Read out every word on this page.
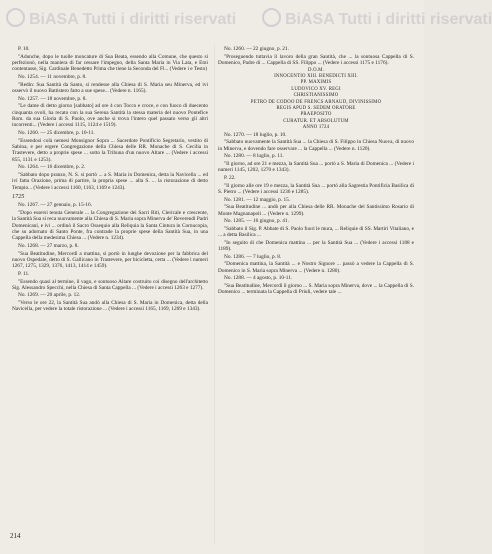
BiASA Tutti i diritti riservati	BiASA Tutti i diritti riservati

P. 10.

"Adunche, dopo le tuolle moncature di Sua Beata, essendo alla Comune, che questo si perfezionò, nella maniera di far cessare l'impegno, della Santa Maria in Via Lata, e Emi contentasse, Sig. Cardinale Benedetto Prima che tiene la Seconda del Fl... (Vedere i e Testo)

No. 1254. — 11 novembre, p. 8.

"Redin: Sua Santità da Santo, si rendesse alla Chiesa di S. Maria seu Minerva, ed ivi osservò il nuovo Battistero fatto a sue spese... (Vedere n. 1165).

No. 1257. — 18 novembre, p. 8.

"Le dame di detto giorno [sabbato] ad ore 4 con Tocco e croce, e con fuoco di duecento cinquanta ovoli, ha recato con la sua Serena Santità la stessa materia del nuovo Pontefice Rom. da sua Gloria di S. Paolo, ove anche si trova l'intero quel passato verso gli altri incorrenti... (Vedere i accessi 1115, 1124 e 1519).

No. 1260. — 25 dicembre, p. 10-11.

"Essendosi colà nemesi Monsignor Sopra ... Sacerdote Pontificio Segretario, vestito di Sabina, e per ergere Congregazione della Chiesa delle RR. Monache di S. Cecilia in Trastevere, detto a proprie spese ... sotto la Tribuna d'un nuovo Altare ... (Vedere i accessi 855, 1131 e 1253).

No. 1264. — 16 dicembre, p. 2.

"Sabbato dopo pranzo, N. S. si portò ... a S. Maria in Domenica, detta la Navicella ... ed ivi fatta Orazione, prima di partire, la propria spese ... alla S. ... la ristorazione di detto Tempio... (Vedere i accessi 1160, 1163, 1169 e 1243).

1725

No. 1267. — 27 gennaio, p. 15-16.

"Dopo essersi tenuta Generale ... la Congregazione dei Sacri Riti, Clericale e crescente, la Santità Sua si reca nuovamente alla Chiesa di S. Maria sopra Minerva de' Reverendi Padri Domenicani, e ivi ... ordinò il Sacro Ossequio alla Reliquia la Santa Cintura in Cornucopia, che su adornato di Santo Ponte, fra contrade la proprie spese della Santità Sua, in una Cappella della medesima Chiesa ... (Vedere n. 1234).

No. 1268. — 27 marzo, p. 8.

"Sua Beatitudine, Mercordì a mattina, si portò in lunghe devozione per la fabbrica del nuovo Ospedale, detto di S. Gallicano in Trastevere, per bicicletta, certa ... (Vedere i numeri 1267, 1275, 1329, 1376, 1413, 1414 e 1459).

P. 11.

"Essendo quasi al termine, il vago, e sontuoso Altare costruito coi disegno dell'architetto Sig. Alessandro Specchi, nella Chiesa di Santa Cappella ... (Vedere i accessi 1263 e 1277).

No. 1269. — 20 aprile, p. 12.

"Verso le ore 22, la Santità Sua andò alla Chiesa di S. Maria in Domenica, detta della Navicella, per vedere la totale ristorazione ... (Vedere i accessi 1165, 1169, 1269 e 1343).

No. 1260. — 22 giugno, p. 21.

"Proseguendo tuttavia il lavoro della gran Santità, che ... la sontuosa Cappella di S. Domenico, Padre di ... Cappella di SS. Filippo ... (Vedere i accessi 1175 e 1176).

D.O.M.

INNOCENTIO XIII. BENEDICTI XIII.

PP. MAXIMIS

LUDOVICO XV. REGI

CHRISTIANISSIMO

PETRO DE CODOO DE FRENCS ARNAUD, DIVINISSIMO

REGIS APUD S. SEDEM ORATORE

PRAEPOSITO

CURATUR. ET ABSOLUTUM

ANNO 1724

No. 1270. — 18 luglio, p. 10.

"Sabbato nuovamente la Santità Sua ... la Chiesa di S. Filippo in Chiesa Nuova, di nuovo in Minerva, e dovendo fare osservare ... la Cappella ... (Vedere n. 1120).

No. 1280. — 8 luglio, p. 11.

"Il giorno, ad ore 21 e mezza, la Santità Sua ... portò a S. Maria di Domenica ... (Vedere i numeri 1145, 1202, 1270 e 1343).

P. 22.

"Il giorno alle ore 19 e mezza, la Santità Sua ... portò alla Sagrestia Pontificia Basilica di S. Pietro ... (Vedere i accessi 1236 e 1285).

No. 1281. — 12 maggio, p. 15.

"Sua Beatitudine ... andò per alla Chiesa delle RR. Monache del Santissimo Rosario di Monte Magnanapoli ... (Vedere n. 1299).

No. 1285. — 16 giugno, p. 41.

"Sabbato il Sig. P. Abbate di S. Paolo fuori le mura, ... Reliquie di SS. Martiri Vitaliano, e ... a detta Basilica ...

"In seguito di che Domenica mattina ... per la Santità Sua ... (Vedere i accessi 1188 e 1189).

No. 1286. — 7 luglio, p. 8.

"Domenica mattina, la Santità ... e Nostro Signore ... passò a vedere la Cappella di S. Domenico in S. Maria sopra Minerva ... (Vedere n. 1280).

No. 1288. — 4 agosto, p. 10-11.

"Sua Beatitudine, Mercordì il giorno ... S. Maria sopra Minerva, dove ... la Cappella di S. Domenico ... terminata la Cappella di Priuli, vedere tale ...

214
